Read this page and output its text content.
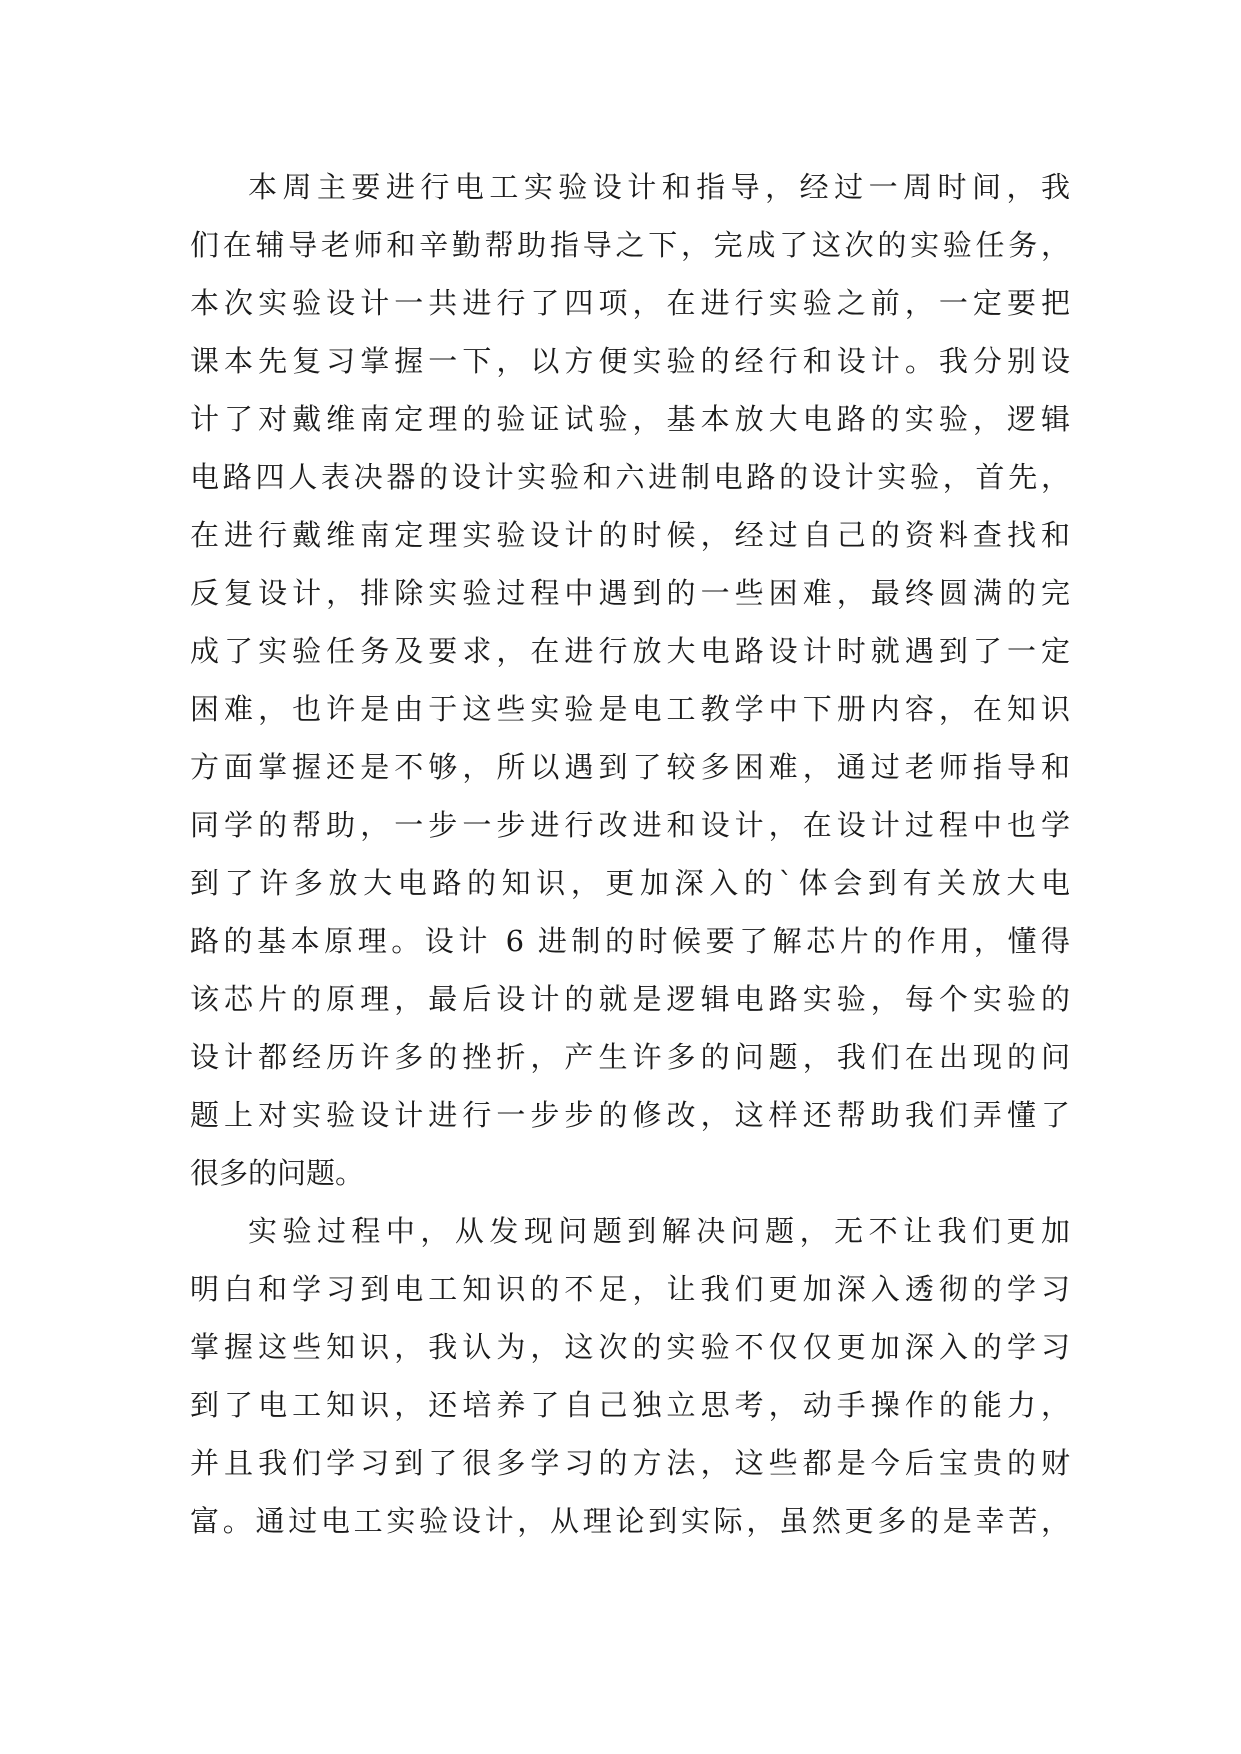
本周主要进行电工实验设计和指导，经过一周时间，我
们在辅导老师和辛勤帮助指导之下，完成了这次的实验任务，
本次实验设计一共进行了四项，在进行实验之前，一定要把
课本先复习掌握一下，以方便实验的经行和设计。我分别设
计了对戴维南定理的验证试验，基本放大电路的实验，逻辑
电路四人表决器的设计实验和六进制电路的设计实验，首先，
在进行戴维南定理实验设计的时候，经过自己的资料查找和
反复设计，排除实验过程中遇到的一些困难，最终圆满的完
成了实验任务及要求，在进行放大电路设计时就遇到了一定
困难，也许是由于这些实验是电工教学中下册内容，在知识
方面掌握还是不够，所以遇到了较多困难，通过老师指导和
同学的帮助，一步一步进行改进和设计，在设计过程中也学
到了许多放大电路的知识，更加深入的`体会到有关放大电
路的基本原理。设计 6 进制的时候要了解芯片的作用，懂得
该芯片的原理，最后设计的就是逻辑电路实验，每个实验的
设计都经历许多的挫折，产生许多的问题，我们在出现的问
题上对实验设计进行一步步的修改，这样还帮助我们弄懂了
很多的问题。
实验过程中，从发现问题到解决问题，无不让我们更加
明白和学习到电工知识的不足，让我们更加深入透彻的学习
掌握这些知识，我认为，这次的实验不仅仅更加深入的学习
到了电工知识，还培养了自己独立思考，动手操作的能力，
并且我们学习到了很多学习的方法，这些都是今后宝贵的财
富。通过电工实验设计，从理论到实际，虽然更多的是幸苦，
